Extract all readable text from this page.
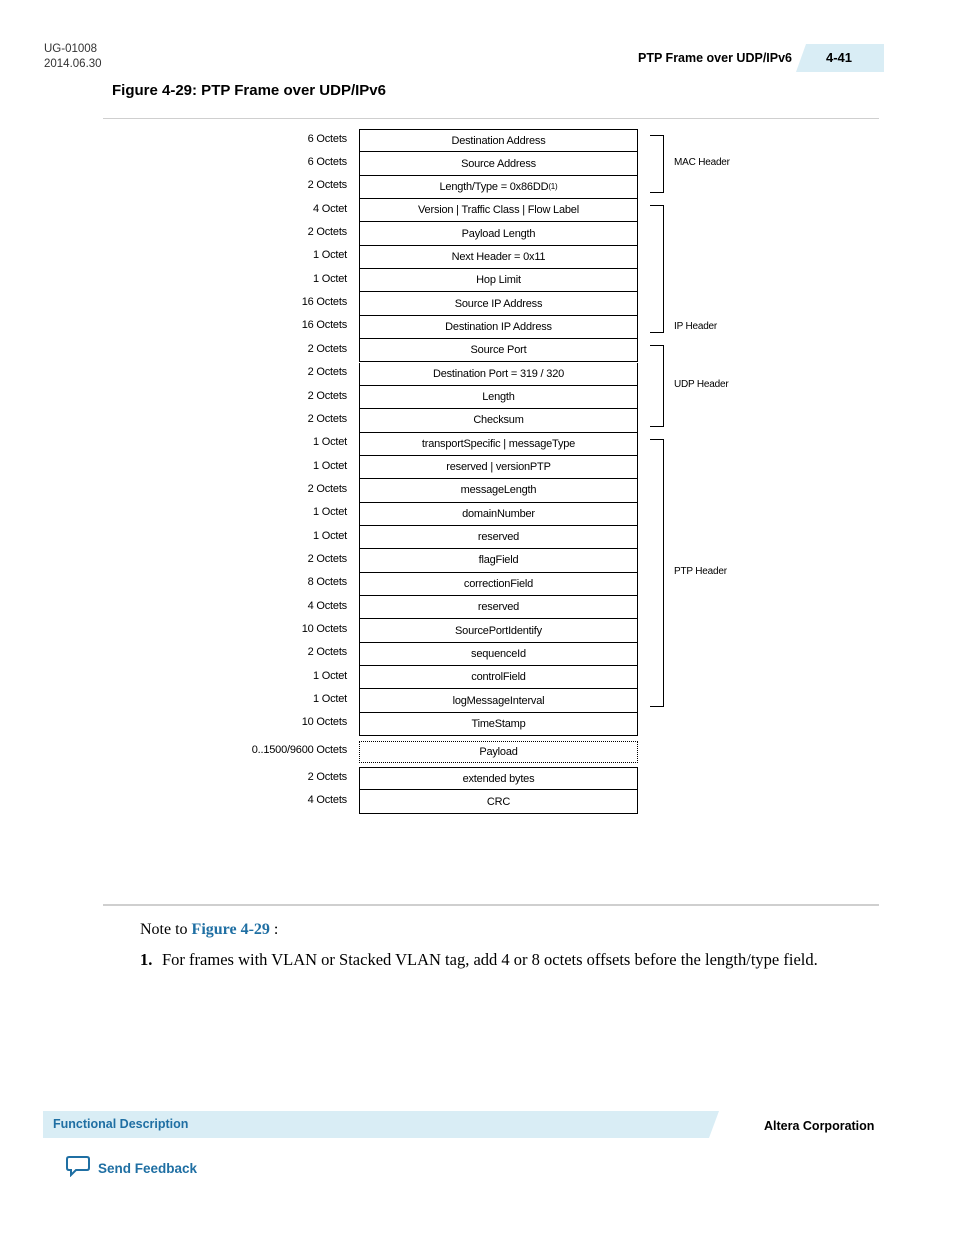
UG-01008
2014.06.30	PTP Frame over UDP/IPv6	4-41
Figure 4-29: PTP Frame over UDP/IPv6
6 Octets	Destination Address
6 Octets	Source Address
2 Octets	Length/Type = 0x86DD (1)
4 Octet	Version | Traffic Class | Flow Label
2 Octets	Payload Length
1 Octet	Next Header = 0x11
1 Octet	Hop Limit
16 Octets	Source IP Address
16 Octets	Destination IP Address
2 Octets	Source Port
2 Octets	Destination Port = 319 / 320
2 Octets	Length
2 Octets	Checksum
1 Octet	transportSpecific | messageType
1 Octet	reserved | versionPTP
2 Octets	messageLength
1 Octet	domainNumber
1 Octet	reserved
2 Octets	flagField
8 Octets	correctionField
4 Octets	reserved
10 Octets	SourcePortIdentify
2 Octets	sequenceId
1 Octet	controlField
1 Octet	logMessageInterval
10 Octets	TimeStamp
0..1500/9600 Octets	Payload
2 Octets	extended bytes
4 Octets	CRC
MAC Header
IP Header
UDP Header
PTP Header
Note to Figure 4-29 :
1. For frames with VLAN or Stacked VLAN tag, add 4 or 8 octets offsets before the length/type field.
Functional Description	Altera Corporation
Send Feedback
